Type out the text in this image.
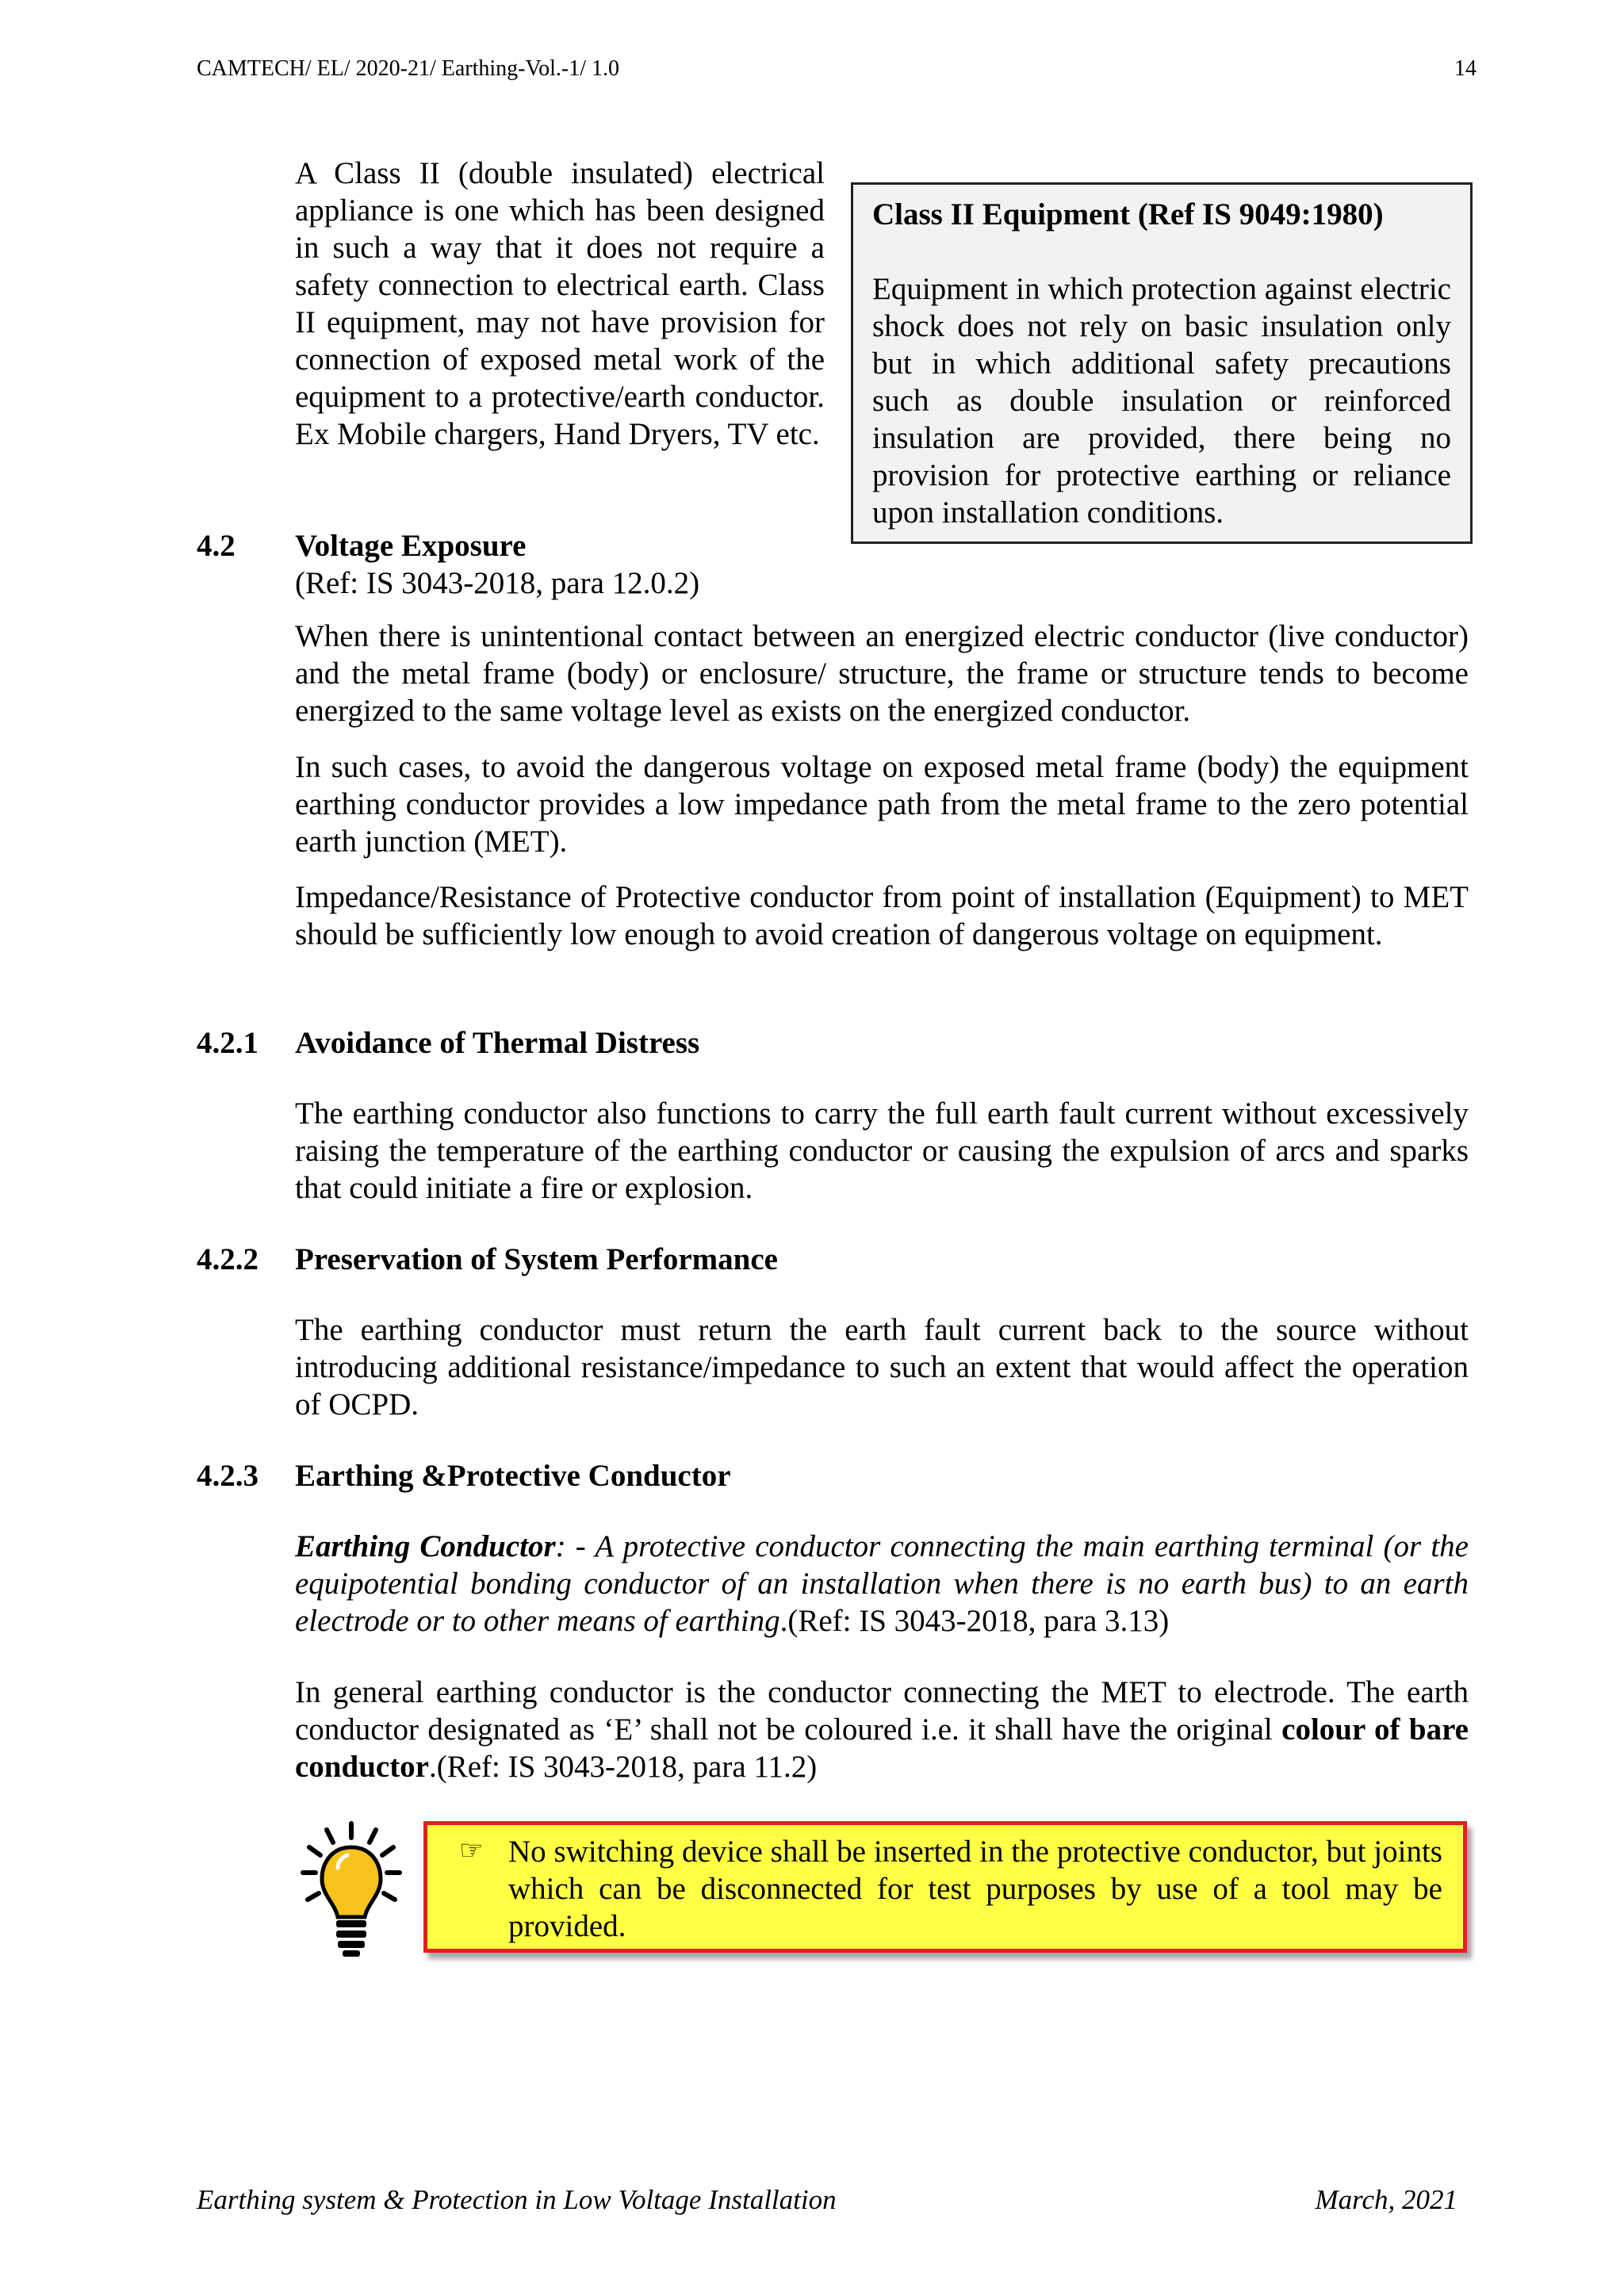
CAMTECH/ EL/ 2020-21/ Earthing-Vol.-1/ 1.0	14

A Class II (double insulated) electrical appliance is one which has been designed in such a way that it does not require a safety connection to electrical earth. Class II equipment, may not have provision for connection of exposed metal work of the equipment to a protective/earth conductor. Ex Mobile chargers, Hand Dryers, TV etc.

Class II Equipment (Ref IS 9049:1980)

Equipment in which protection against electric shock does not rely on basic insulation only but in which additional safety precautions such as double insulation or reinforced insulation are provided, there being no provision for protective earthing or reliance upon installation conditions.

4.2 Voltage Exposure
(Ref: IS 3043-2018, para 12.0.2)

When there is unintentional contact between an energized electric conductor (live conductor) and the metal frame (body) or enclosure/ structure, the frame or structure tends to become energized to the same voltage level as exists on the energized conductor.

In such cases, to avoid the dangerous voltage on exposed metal frame (body) the equipment earthing conductor provides a low impedance path from the metal frame to the zero potential earth junction (MET).

Impedance/Resistance of Protective conductor from point of installation (Equipment) to MET should be sufficiently low enough to avoid creation of dangerous voltage on equipment.

4.2.1 Avoidance of Thermal Distress

The earthing conductor also functions to carry the full earth fault current without excessively raising the temperature of the earthing conductor or causing the expulsion of arcs and sparks that could initiate a fire or explosion.

4.2.2 Preservation of System Performance

The earthing conductor must return the earth fault current back to the source without introducing additional resistance/impedance to such an extent that would affect the operation of OCPD.

4.2.3 Earthing &Protective Conductor

Earthing Conductor: - A protective conductor connecting the main earthing terminal (or the equipotential bonding conductor of an installation when there is no earth bus) to an earth electrode or to other means of earthing.(Ref: IS 3043-2018, para 3.13)

In general earthing conductor is the conductor connecting the MET to electrode. The earth conductor designated as ‘E’ shall not be coloured i.e. it shall have the original colour of bare conductor.(Ref: IS 3043-2018, para 11.2)

☞ No switching device shall be inserted in the protective conductor, but joints which can be disconnected for test purposes by use of a tool may be provided.

Earthing system & Protection in Low Voltage Installation	March, 2021
